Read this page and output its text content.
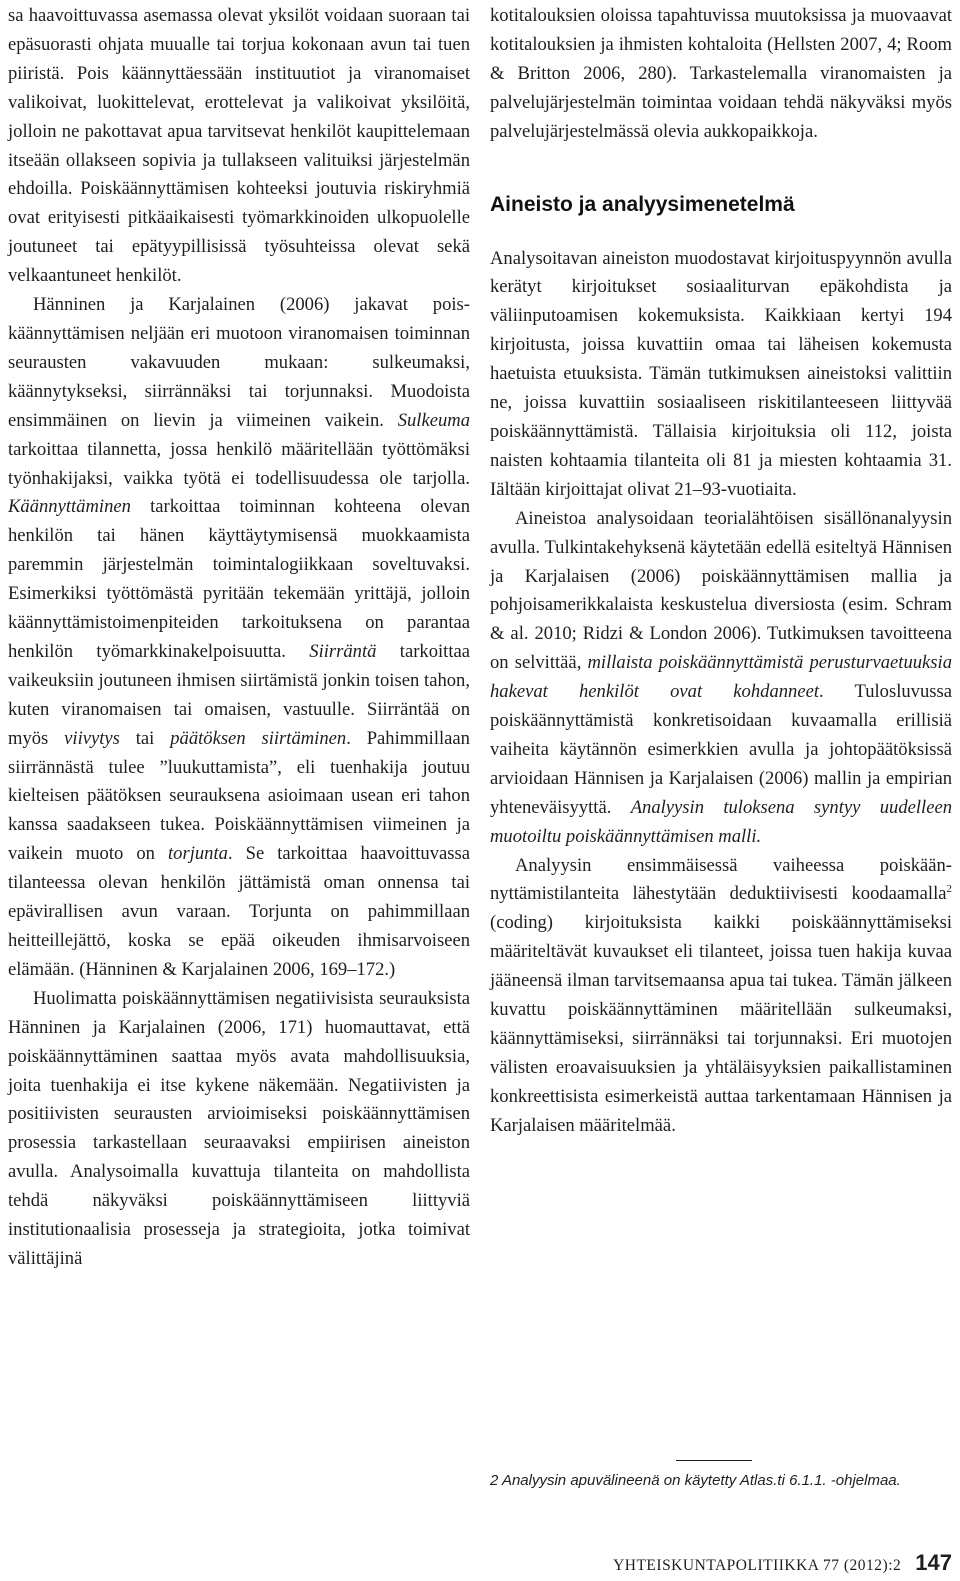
sa haavoittuvassa asemassa olevat yksilöt voidaan suoraan tai epäsuorasti ohjata muualle tai torjua kokonaan avun tai tuen piiristä. Pois käännyttäessään instituutiot ja viranomaiset valikoivat, luokittelevat, erottelevat ja valikoivat yksilöitä, jolloin ne pakottavat apua tarvitsevat henkilöt kaupittelemaan itseään ollakseen sopivia ja tullakseen valituiksi järjestelmän ehdoilla. Poiskäännyttämisen kohteeksi joutuvia riskiryhmiä ovat erityisesti pitkäaikaisesti työmarkkinoiden ulkopuolelle joutuneet tai epätyypillisissä työsuhteissa olevat sekä velkaantuneet henkilöt.

Hänninen ja Karjalainen (2006) jakavat poiskäännyttämisen neljään eri muotoon viranomaisen toiminnan seurausten vakavuuden mukaan: sulkeumaksi, käännytykseksi, siirrännäksi tai torjunnaksi. Muodoista ensimmäinen on lievin ja viimeinen vaikein. Sulkeuma tarkoittaa tilannetta, jossa henkilö määritellään työttömäksi työnhakijaksi, vaikka työtä ei todellisuudessa ole tarjolla. Käännyttäminen tarkoittaa toiminnan kohteena olevan henkilön tai hänen käyttäytymisensä muokkaamista paremmin järjestelmän toimintalogiikkaan soveltuvaksi. Esimerkiksi työttömästä pyritään tekemään yrittäjä, jolloin käännyttämistoimenpiteiden tarkoituksena on parantaa henkilön työmarkkinakelpoisuutta. Siirräntä tarkoittaa vaikeuksiin joutuneen ihmisen siirtämistä jonkin toisen tahon, kuten viranomaisen tai omaisen, vastuulle. Siirräntää on myös viivytys tai päätöksen siirtäminen. Pahimmillaan siirrännästä tulee ”luukuttamista”, eli tuenhakija joutuu kielteisen päätöksen seurauksena asioimaan usean eri tahon kanssa saadakseen tukea. Poiskäännyttämisen viimeinen ja vaikein muoto on torjunta. Se tarkoittaa haavoittuvassa tilanteessa olevan henkilön jättämistä oman onnensa tai epävirallisen avun varaan. Torjunta on pahimmillaan heitteillejättö, koska se epää oikeuden ihmisarvoiseen elämään. (Hänninen & Karjalainen 2006, 169–172.)

Huolimatta poiskäännyttämisen negatiivisista seurauksista Hänninen ja Karjalainen (2006, 171) huomauttavat, että poiskäännyttäminen saattaa myös avata mahdollisuuksia, joita tuenhakija ei itse kykene näkemään. Negatiivisten ja positiivisten seurausten arvioimiseksi poiskäännyttämisen prosessia tarkastellaan seuraavaksi empiirisen aineiston avulla. Analysoimalla kuvattuja tilanteita on mahdollista tehdä näkyväksi poiskäännyttämiseen liittyviä institutionaalisia prosesseja ja strategioita, jotka toimivat välittäjinä

kotitalouksien oloissa tapahtuvissa muutoksissa ja muovaavat kotitalouksien ja ihmisten kohtaloita (Hellsten 2007, 4; Room & Britton 2006, 280). Tarkastelemalla viranomaisten ja palvelujärjestelmän toimintaa voidaan tehdä näkyväksi myös palvelujärjestelmässä olevia aukkopaikkoja.

Aineisto ja analyysimenetelmä

Analysoitavan aineiston muodostavat kirjoituspyynnön avulla kerätyt kirjoitukset sosiaaliturvan epäkohdista ja väliinputoamisen kokemuksista. Kaikkiaan kertyi 194 kirjoitusta, joissa kuvattiin omaa tai läheisen kokemusta haetuista etuuksista. Tämän tutkimuksen aineistoksi valittiin ne, joissa kuvattiin sosiaaliseen riskitilanteeseen liittyvää poiskäännyttämistä. Tällaisia kirjoituksia oli 112, joista naisten kohtaamia tilanteita oli 81 ja miesten kohtaamia 31. Iältään kirjoittajat olivat 21–93-vuotiaita.

Aineistoa analysoidaan teorialähtöisen sisällönanalyysin avulla. Tulkintakehyksenä käytetään edellä esiteltyä Hännisen ja Karjalaisen (2006) poiskäännyttämisen mallia ja pohjoisamerikkalaista keskustelua diversiosta (esim. Schram & al. 2010; Ridzi & London 2006). Tutkimuksen tavoitteena on selvittää, millaista poiskäännyttämistä perusturvaetuuksia hakevat henkilöt ovat kohdanneet. Tulosluvussa poiskäännyttämistä konkretisoidaan kuvaamalla erillisiä vaiheita käytännön esimerkkien avulla ja johtopäätöksissä arvioidaan Hännisen ja Karjalaisen (2006) mallin ja empirian yhteneväisyyttä. Analyysin tuloksena syntyy uudelleen muotoiltu poiskäännyttämisen malli.

Analyysin ensimmäisessä vaiheessa poiskäännyttämistilanteita lähestytään deduktiivisesti koodaamalla$^2$ (coding) kirjoituksista kaikki poiskäännyttämiseksi määriteltävät kuvaukset eli tilanteet, joissa tuen hakija kuvaa jääneensä ilman tarvitsemaansa apua tai tukea. Tämän jälkeen kuvattu poiskäännyttäminen määritellään sulkeumaksi, käännyttämiseksi, siirrännäksi tai torjunnaksi. Eri muotojen välisten eroavaisuuksien ja yhtäläisyyksien paikallistaminen konkreettisista esimerkeistä auttaa tarkentamaan Hännisen ja Karjalaisen määritelmää.

2 Analyysin apuvälineenä on käytetty Atlas.ti 6.1.1. -ohjelmaa.
YHTEISKUNTAPOLITIIKKA 77 (2012):2 147
